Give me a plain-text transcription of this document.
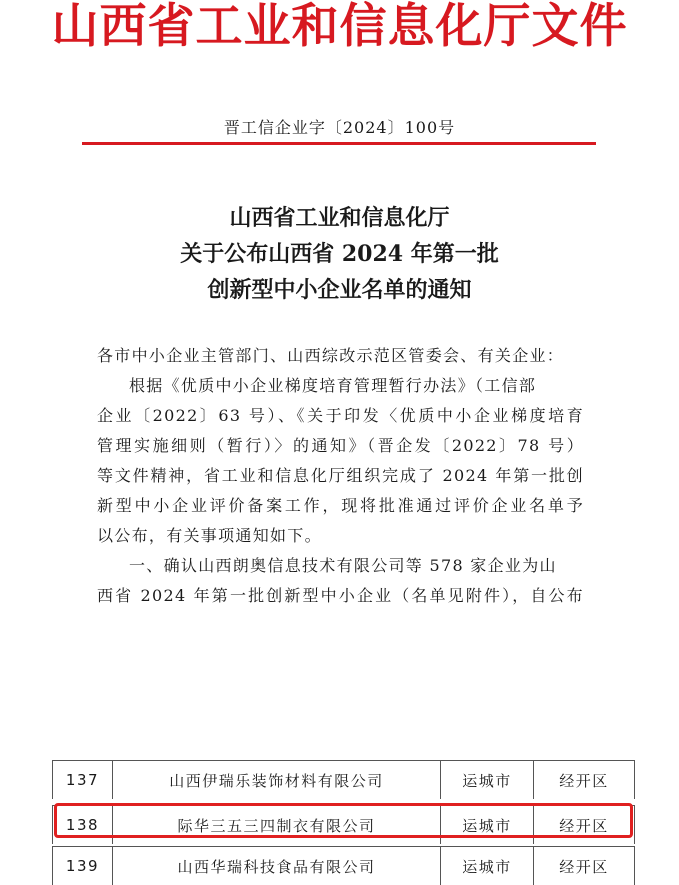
山西省工业和信息化厅文件
晋工信企业字〔2024〕100号
山西省工业和信息化厅
关于公布山西省 2024 年第一批
创新型中小企业名单的通知

各市中小企业主管部门、山西综改示范区管委会、有关企业：

根据《优质中小企业梯度培育管理暂行办法》（工信部

企业〔2022〕63 号）、《关于印发〈优质中小企业梯度培育

管理实施细则（暂行）〉的通知》（晋企发〔2022〕78 号）

等文件精神，省工业和信息化厅组织完成了 2024 年第一批创

新型中小企业评价备案工作，现将批准通过评价企业名单予

以公布，有关事项通知如下。

一、确认山西朗奥信息技术有限公司等 578 家企业为山

西省 2024 年第一批创新型中小企业（名单见附件），自公布

137	山西伊瑞乐装饰材料有限公司	运城市	经开区
138	际华三五三四制衣有限公司	运城市	经开区
139	山西华瑞科技食品有限公司	运城市	经开区
